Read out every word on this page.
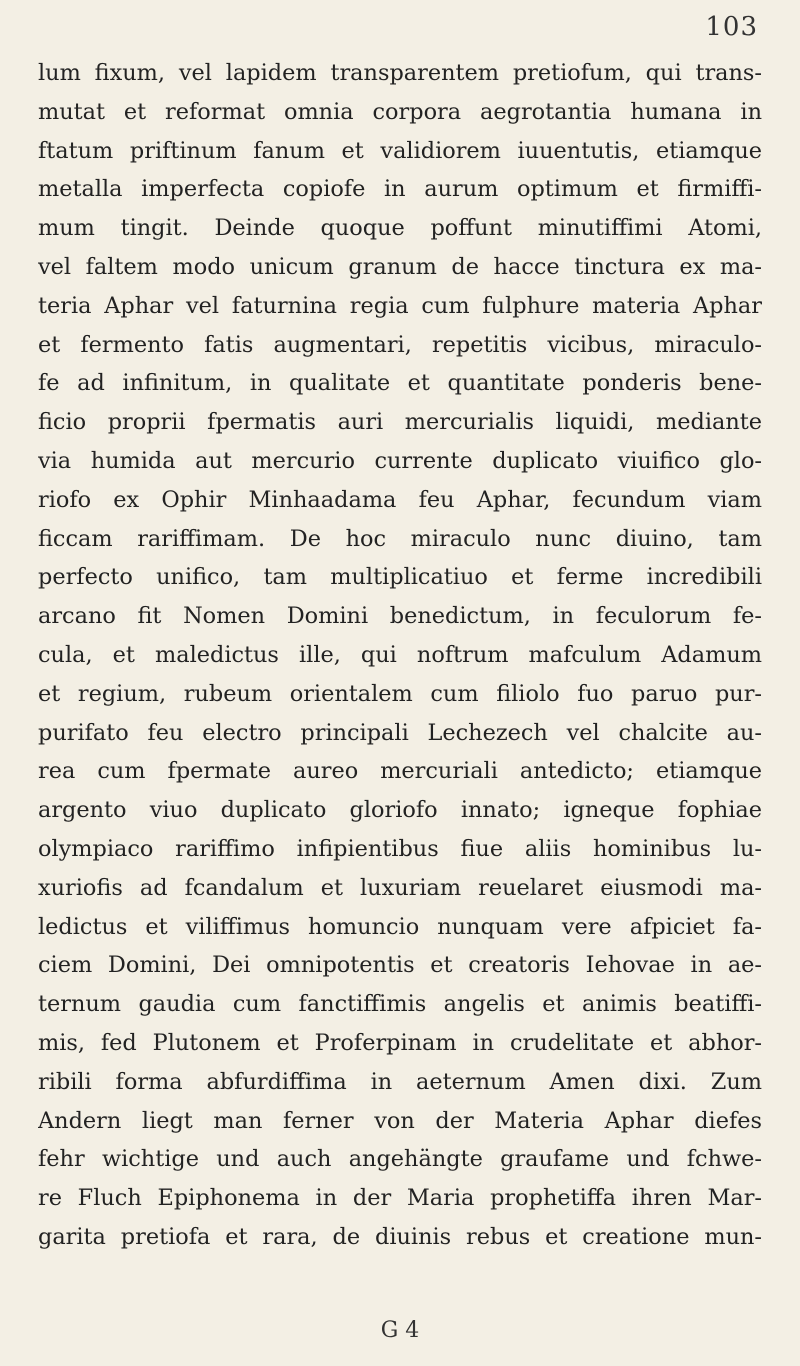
103
lum fixum, vel lapidem transparentem pretiofum, qui trans-
mutat et reformat omnia corpora aegrotantia humana in
ftatum priftinum fanum et validiorem iuuentutis, etiamque
metalla imperfecta copiofe in aurum optimum et firmiffi-
mum tingit. Deinde quoque poffunt minutiffimi Atomi,
vel faltem modo unicum granum de hacce tinctura ex ma-
teria Aphar vel faturnina regia cum fulphure materia Aphar
et fermento fatis augmentari, repetitis vicibus, miraculo-
fe ad infinitum, in qualitate et quantitate ponderis bene-
ficio proprii fpermatis auri mercurialis liquidi, mediante
via humida aut mercurio currente duplicato viuifico glo-
riofo ex Ophir Minhaadama feu Aphar, fecundum viam
ficcam rariffimam. De hoc miraculo nunc diuino, tam
perfecto unifico, tam multiplicatiuo et ferme incredibili
arcano fit Nomen Domini benedictum, in feculorum fe-
cula, et maledictus ille, qui noftrum mafculum Adamum
et regium, rubeum orientalem cum filiolo fuo paruo pur-
purifato feu electro principali Lechezech vel chalcite au-
rea cum fpermate aureo mercuriali antedicto; etiamque
argento viuo duplicato gloriofo innato; igneque fophiae
olympiaco rariffimo infipientibus fiue aliis hominibus lu-
xuriofis ad fcandalum et luxuriam reuelaret eiusmodi ma-
ledictus et viliffimus homuncio nunquam vere afpiciet fa-
ciem Domini, Dei omnipotentis et creatoris Iehovae in ae-
ternum gaudia cum fanctiffimis angelis et animis beatiffi-
mis, fed Plutonem et Proferpinam in crudelitate et abhor-
ribili forma abfurdiffima in aeternum Amen dixi. Zum
Andern liegt man ferner von der Materia Aphar diefes
fehr wichtige und auch angehängte graufame und fchwe-
re Fluch Epiphonema in der Maria prophetiffa ihren Mar-
garita pretiofa et rara, de diuinis rebus et creatione mun-
G 4
